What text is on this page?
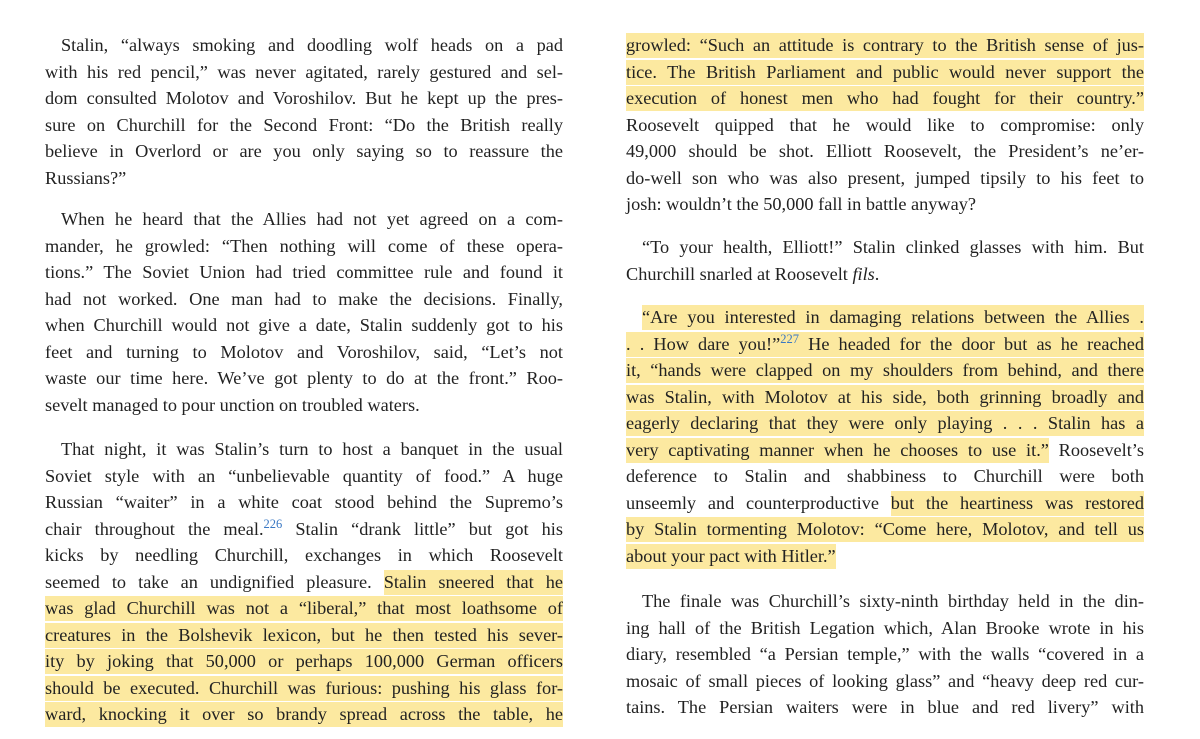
Stalin, “always smoking and doodling wolf heads on a pad
with his red pencil,” was never agitated, rarely gestured and sel-
dom consulted Molotov and Voroshilov. But he kept up the pres-
sure on Churchill for the Second Front: “Do the British really
believe in Overlord or are you only saying so to reassure the
Russians?”
When he heard that the Allies had not yet agreed on a com-
mander, he growled: “Then nothing will come of these opera-
tions.” The Soviet Union had tried committee rule and found it
had not worked. One man had to make the decisions. Finally,
when Churchill would not give a date, Stalin suddenly got to his
feet and turning to Molotov and Voroshilov, said, “Let’s not
waste our time here. We’ve got plenty to do at the front.” Roo-
sevelt managed to pour unction on troubled waters.
That night, it was Stalin’s turn to host a banquet in the usual
Soviet style with an “unbelievable quantity of food.” A huge
Russian “waiter” in a white coat stood behind the Supremo’s
chair throughout the meal.$^{226}$ Stalin “drank little” but got his
kicks by needling Churchill, exchanges in which Roosevelt
seemed to take an undignified pleasure. Stalin sneered that he
was glad Churchill was not a “liberal,” that most loathsome of
creatures in the Bolshevik lexicon, but he then tested his sever-
ity by joking that 50,000 or perhaps 100,000 German officers
should be executed. Churchill was furious: pushing his glass for-
ward, knocking it over so brandy spread across the table, he
growled: “Such an attitude is contrary to the British sense of jus-
tice. The British Parliament and public would never support the
execution of honest men who had fought for their country.”
Roosevelt quipped that he would like to compromise: only
49,000 should be shot. Elliott Roosevelt, the President’s ne’er-
do-well son who was also present, jumped tipsily to his feet to
josh: wouldn’t the 50,000 fall in battle anyway?
“To your health, Elliott!” Stalin clinked glasses with him. But
Churchill snarled at Roosevelt fils.
“Are you interested in damaging relations between the Allies .
. . How dare you!”$^{227}$ He headed for the door but as he reached
it, “hands were clapped on my shoulders from behind, and there
was Stalin, with Molotov at his side, both grinning broadly and
eagerly declaring that they were only playing . . . Stalin has a
very captivating manner when he chooses to use it.” Roosevelt’s
deference to Stalin and shabbiness to Churchill were both
unseemly and counterproductive but the heartiness was restored
by Stalin tormenting Molotov: “Come here, Molotov, and tell us
about your pact with Hitler.”
The finale was Churchill’s sixty-ninth birthday held in the din-
ing hall of the British Legation which, Alan Brooke wrote in his
diary, resembled “a Persian temple,” with the walls “covered in a
mosaic of small pieces of looking glass” and “heavy deep red cur-
tains. The Persian waiters were in blue and red livery” with
